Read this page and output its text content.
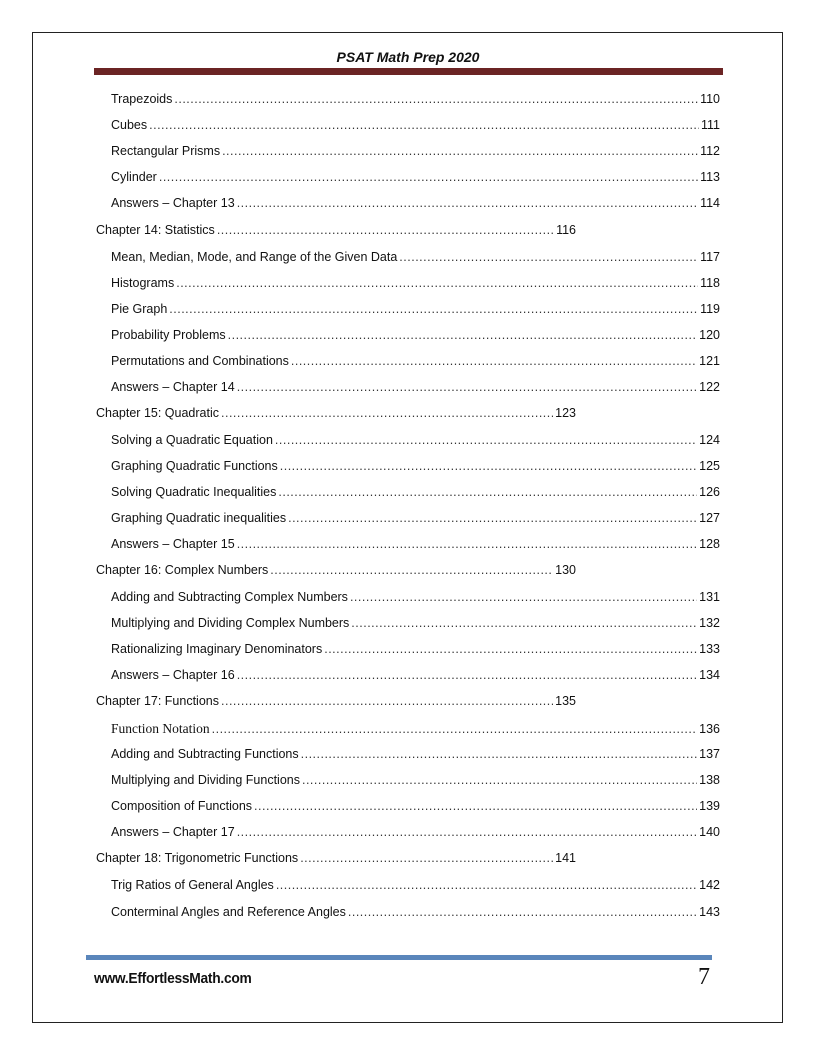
PSAT Math Prep 2020
Trapezoids .....	110
Cubes .....	111
Rectangular Prisms .....	112
Cylinder .....	113
Answers – Chapter 13 .....	114
Chapter 14: Statistics .....	116
Mean, Median, Mode, and Range of the Given Data .....	117
Histograms .....	118
Pie Graph .....	119
Probability Problems .....	120
Permutations and Combinations .....	121
Answers – Chapter 14 .....	122
Chapter 15: Quadratic .....	123
Solving a Quadratic Equation .....	124
Graphing Quadratic Functions .....	125
Solving Quadratic Inequalities .....	126
Graphing Quadratic inequalities .....	127
Answers – Chapter 15 .....	128
Chapter 16: Complex Numbers .....	130
Adding and Subtracting Complex Numbers .....	131
Multiplying and Dividing Complex Numbers .....	132
Rationalizing Imaginary Denominators .....	133
Answers – Chapter 16 .....	134
Chapter 17: Functions .....	135
Function Notation .....	136
Adding and Subtracting Functions .....	137
Multiplying and Dividing Functions .....	138
Composition of Functions .....	139
Answers – Chapter 17 .....	140
Chapter 18: Trigonometric Functions .....	141
Trig Ratios of General Angles .....	142
Conterminal Angles and Reference Angles .....	143
www.EffortlessMath.com	7
